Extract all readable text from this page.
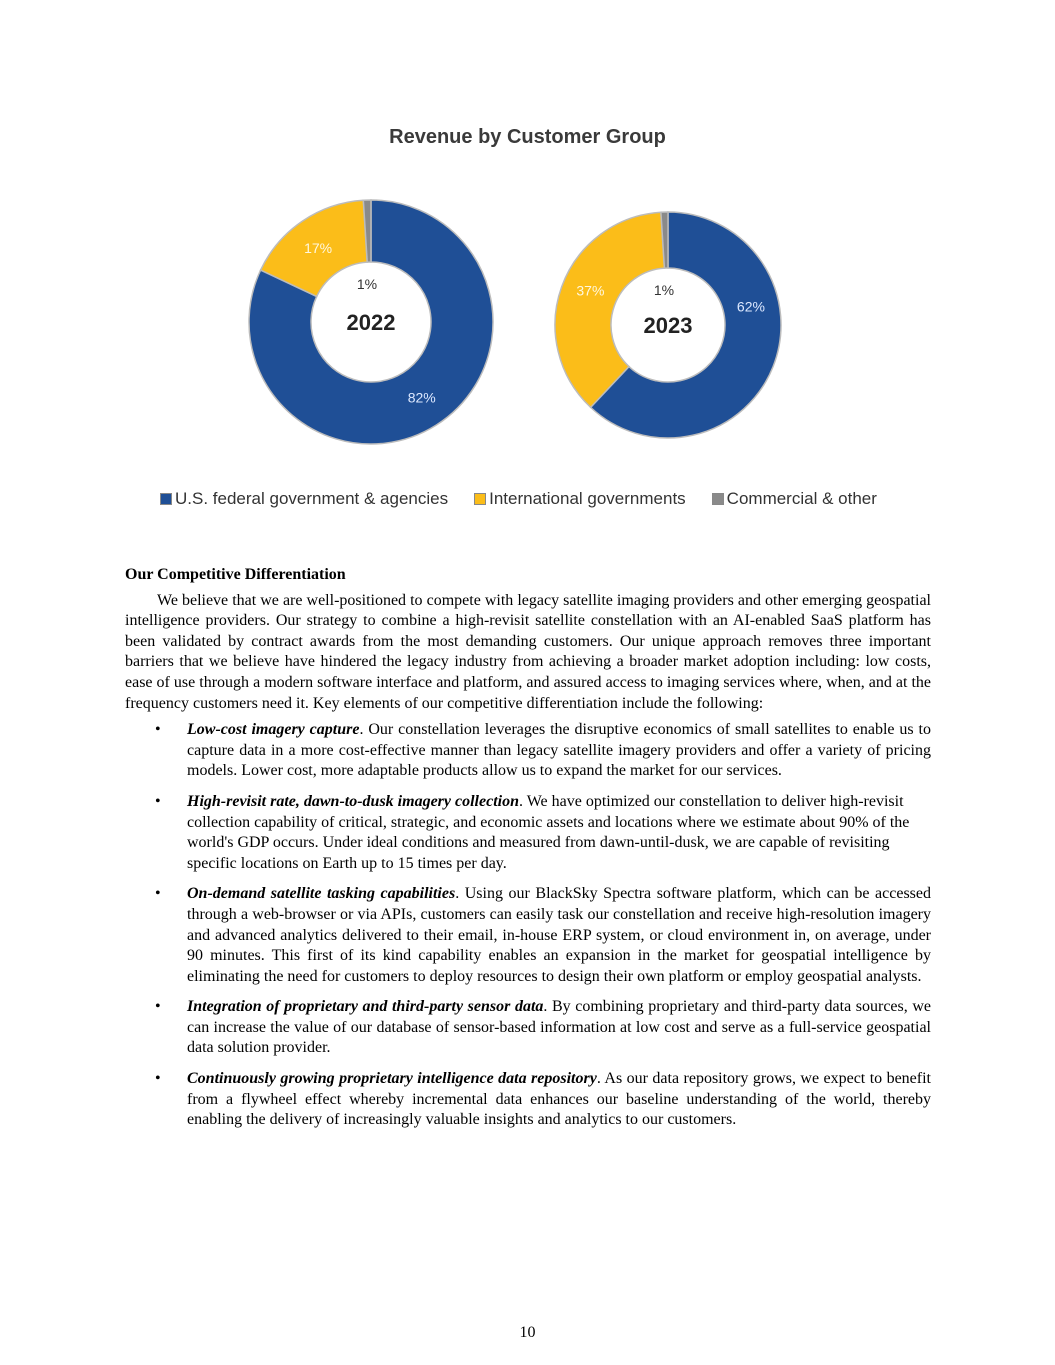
Revenue by Customer Group
82%
17%
1%
2022
62%
37%	1%
2023
U.S. federal government & agencies International governments Commercial & other
Our Competitive Differentiation

We believe that we are well-positioned to compete with legacy satellite imaging providers and other emerging geospatial intelligence providers. Our strategy to combine a high-revisit satellite constellation with an AI-enabled SaaS platform has been validated by contract awards from the most demanding customers. Our unique approach removes three important barriers that we believe have hindered the legacy industry from achieving a broader market adoption including: low costs, ease of use through a modern software interface and platform, and assured access to imaging services where, when, and at the frequency customers need it. Key elements of our competitive differentiation include the following:

• Low-cost imagery capture. Our constellation leverages the disruptive economics of small satellites to enable us to capture data in a more cost-effective manner than legacy satellite imagery providers and offer a variety of pricing models. Lower cost, more adaptable products allow us to expand the market for our services.
• High-revisit rate, dawn-to-dusk imagery collection. We have optimized our constellation to deliver high-revisit collection capability of critical, strategic, and economic assets and locations where we estimate about 90% of the world's GDP occurs. Under ideal conditions and measured from dawn-until-dusk, we are capable of revisiting specific locations on Earth up to 15 times per day.
• On-demand satellite tasking capabilities. Using our BlackSky Spectra software platform, which can be accessed through a web-browser or via APIs, customers can easily task our constellation and receive high-resolution imagery and advanced analytics delivered to their email, in-house ERP system, or cloud environment in, on average, under 90 minutes. This first of its kind capability enables an expansion in the market for geospatial intelligence by eliminating the need for customers to deploy resources to design their own platform or employ geospatial analysts.
• Integration of proprietary and third-party sensor data. By combining proprietary and third-party data sources, we can increase the value of our database of sensor-based information at low cost and serve as a full-service geospatial data solution provider.
• Continuously growing proprietary intelligence data repository. As our data repository grows, we expect to benefit from a flywheel effect whereby incremental data enhances our baseline understanding of the world, thereby enabling the delivery of increasingly valuable insights and analytics to our customers.
10
